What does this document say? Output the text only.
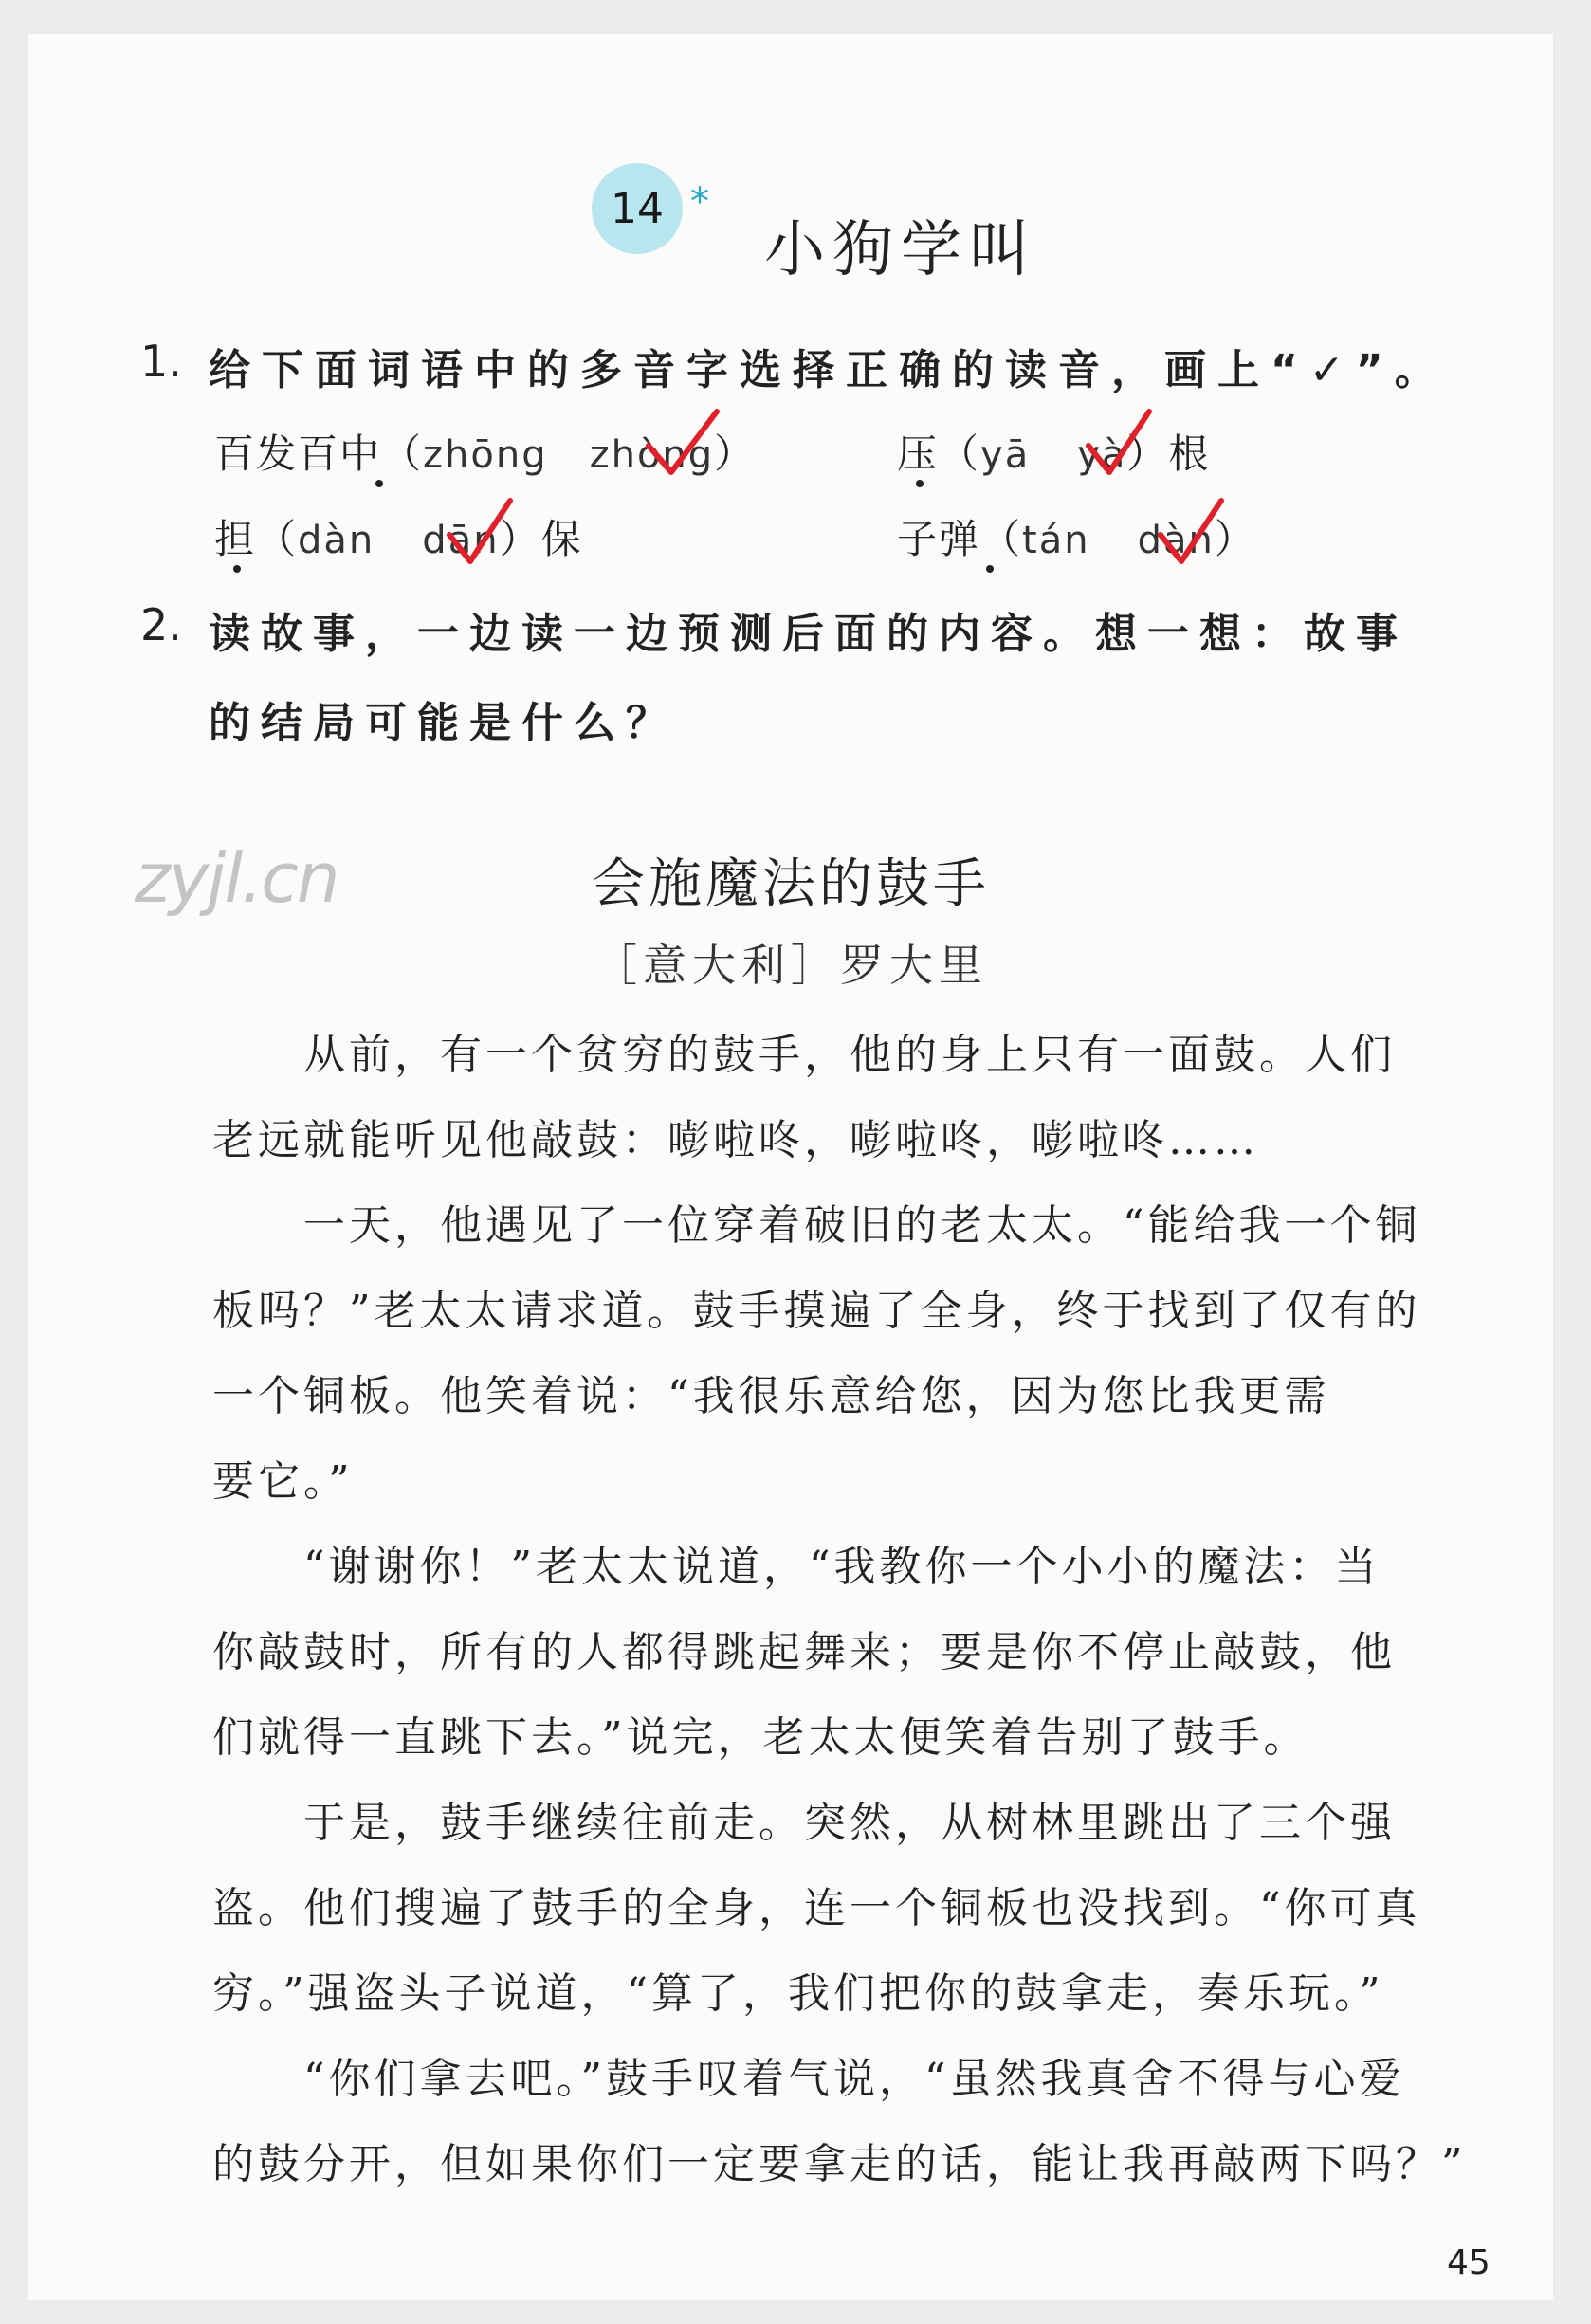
14 *
小狗学叫
1. 给下面词语中的多音字选择正确的读音，画上“✓”。
百发百中（zhōng zhòng）	压（yā yà）根
担（dàn dān）保	子弹（tán dàn）
2. 读故事，一边读一边预测后面的内容。想一想：故事
的结局可能是什么？
zyjl.cn	会施魔法的鼓手
［意大利］罗大里
从前，有一个贫穷的鼓手，他的身上只有一面鼓。人们
老远就能听见他敲鼓：嘭啦咚，嘭啦咚，嘭啦咚……
一天，他遇见了一位穿着破旧的老太太。“能给我一个铜
板吗？”老太太请求道。鼓手摸遍了全身，终于找到了仅有的
一个铜板。他笑着说：“我很乐意给您，因为您比我更需
要它。”
“谢谢你！”老太太说道，“我教你一个小小的魔法：当
你敲鼓时，所有的人都得跳起舞来；要是你不停止敲鼓，他
们就得一直跳下去。”说完，老太太便笑着告别了鼓手。
于是，鼓手继续往前走。突然，从树林里跳出了三个强
盗。他们搜遍了鼓手的全身，连一个铜板也没找到。“你可真
穷。”强盗头子说道，“算了，我们把你的鼓拿走，奏乐玩。”
“你们拿去吧。”鼓手叹着气说，“虽然我真舍不得与心爱
的鼓分开，但如果你们一定要拿走的话，能让我再敲两下吗？”
45
